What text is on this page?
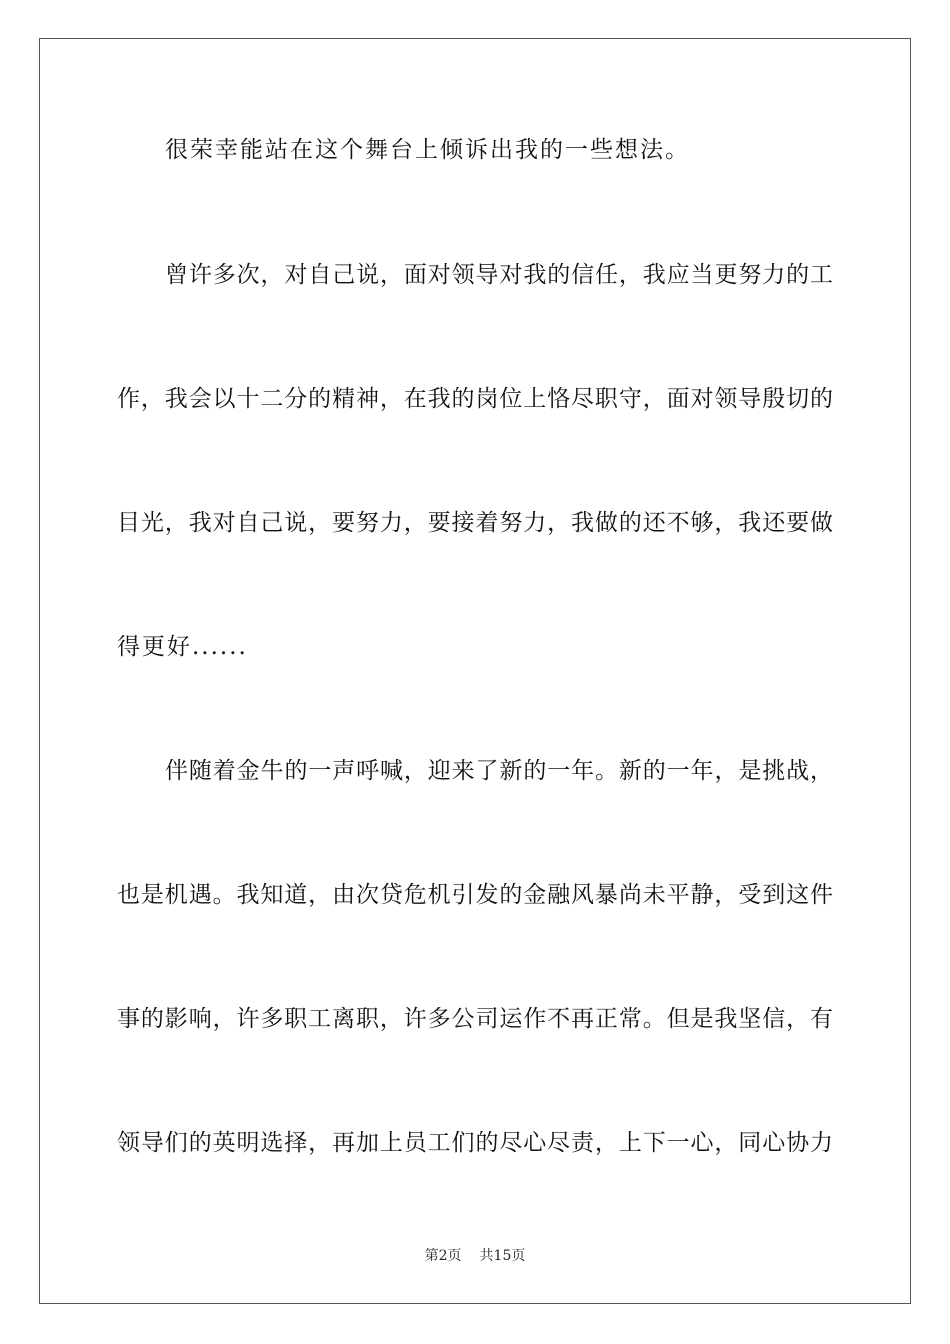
很荣幸能站在这个舞台上倾诉出我的一些想法。
曾许多次，对自己说，面对领导对我的信任，我应当更努力的工
作，我会以十二分的精神，在我的岗位上恪尽职守，面对领导殷切的
目光，我对自己说，要努力，要接着努力，我做的还不够，我还要做
得更好......
伴随着金牛的一声呼喊，迎来了新的一年。新的一年，是挑战，
也是机遇。我知道，由次贷危机引发的金融风暴尚未平静，受到这件
事的影响，许多职工离职，许多公司运作不再正常。但是我坚信，有
领导们的英明选择，再加上员工们的尽心尽责，上下一心，同心协力
第2页 共15页
